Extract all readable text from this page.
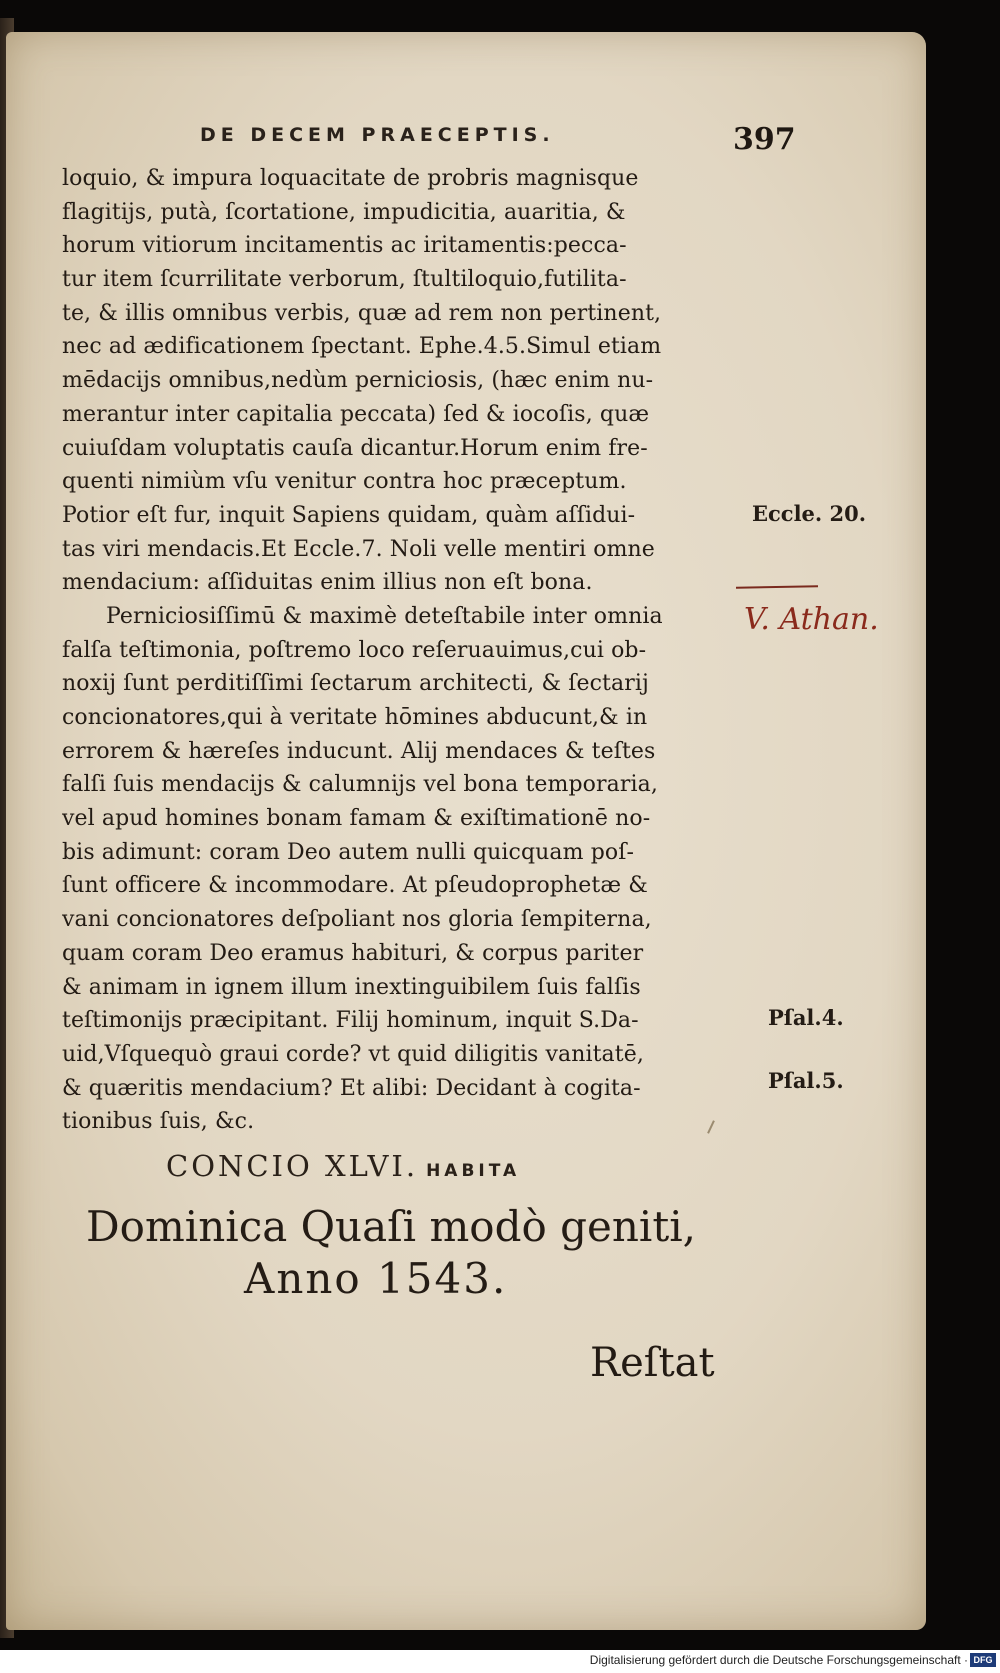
DE DECEM PRAECEPTIS.	397
loquio, & impura loquacitate de probris magnisque
flagitijs, putà, ſcortatione, impudicitia, auaritia, &
horum vitiorum incitamentis ac iritamentis:pecca-
tur item ſcurrilitate verborum, ſtultiloquio,futilita-
te, & illis omnibus verbis, quæ ad rem non pertinent,
nec ad ædificationem ſpectant. Ephe.4.5.Simul etiam
mēdacijs omnibus,nedùm perniciosis, (hæc enim nu-
merantur inter capitalia peccata) ſed & iocoſis, quæ
cuiuſdam voluptatis cauſa dicantur.Horum enim fre-
quenti nimiùm vſu venitur contra hoc præceptum.
Potior eſt fur, inquit Sapiens quidam, quàm aſſidui-
tas viri mendacis.Et Eccle.7. Noli velle mentiri omne
mendacium: aſſiduitas enim illius non eſt bona.
Perniciosiſſimū & maximè deteſtabile inter omnia
falſa teſtimonia, poſtremo loco reſeruauimus,cui ob-
noxij ſunt perditiſſimi ſectarum architecti, & ſectarij
concionatores,qui à veritate hōmines abducunt,& in
errorem & hæreſes inducunt. Alij mendaces & teſtes
falſi ſuis mendacijs & calumnijs vel bona temporaria,
vel apud homines bonam famam & exiſtimationē no-
bis adimunt: coram Deo autem nulli quicquam poſ-
ſunt officere & incommodare. At pſeudoprophetæ &
vani concionatores deſpoliant nos gloria ſempiterna,
quam coram Deo eramus habituri, & corpus pariter
& animam in ignem illum inextinguibilem ſuis falſis
teſtimonijs præcipitant. Filij hominum, inquit S.Da-
uid,Vſquequò graui corde? vt quid diligitis vanitatē,
& quæritis mendacium? Et alibi: Decidant à cogita-
tionibus ſuis, &c.
Eccle. 20.
Pſal.4.
Pſal.5.
V. Athan.
CONCIO XLVI. HABITA
Dominica Quaſi modò geniti,
Anno 1543.
Reſtat
Digitalisierung gefördert durch die Deutsche Forschungsgemeinschaft · DFG
